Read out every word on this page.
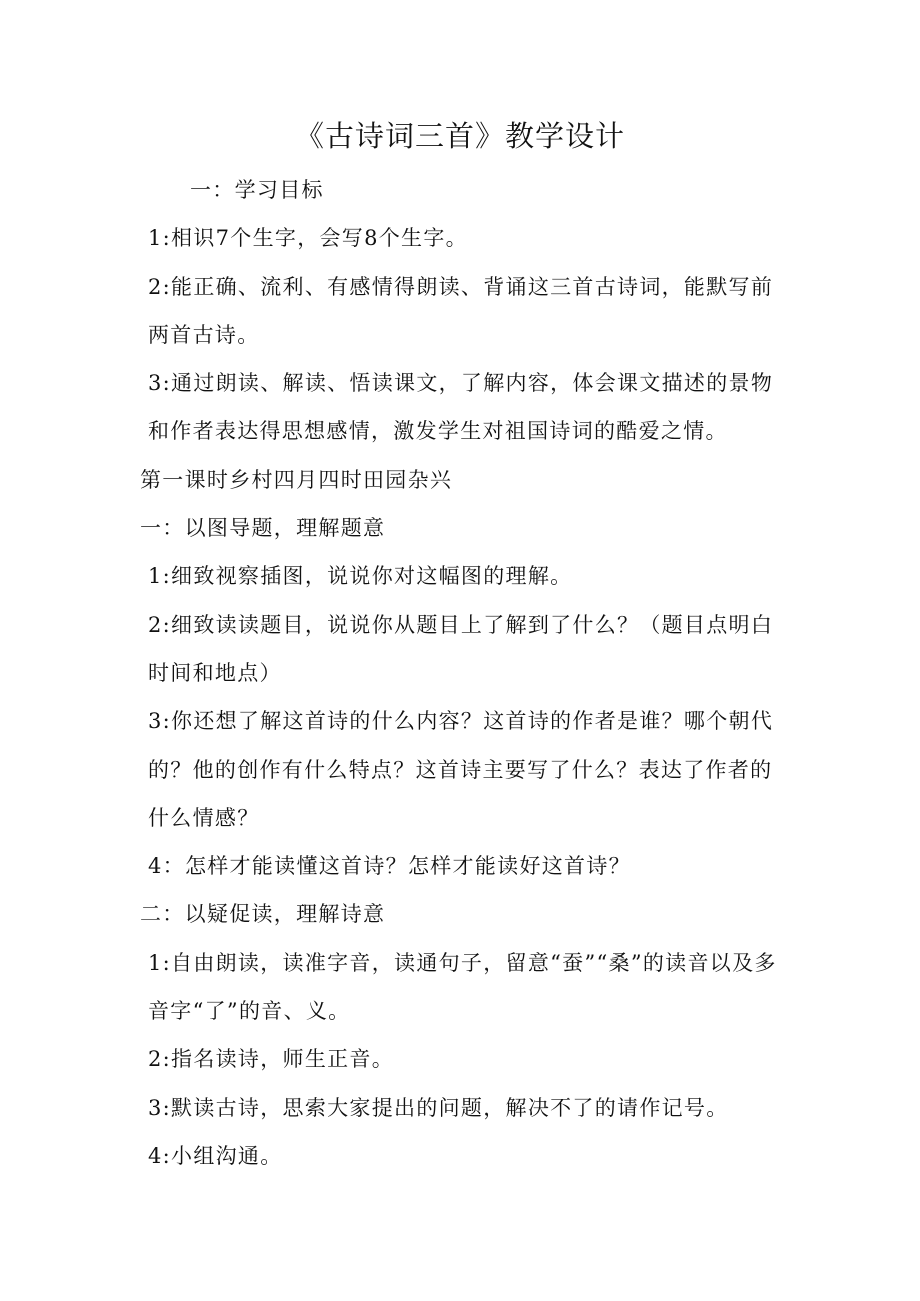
《古诗词三首》教学设计

一：学习目标

1:相识7个生字，会写8个生字。

2:能正确、流利、有感情得朗读、背诵这三首古诗词，能默写前两首古诗。

3:通过朗读、解读、悟读课文，了解内容，体会课文描述的景物和作者表达得思想感情，激发学生对祖国诗词的酷爱之情。

第一课时乡村四月四时田园杂兴

一：以图导题，理解题意

1:细致视察插图，说说你对这幅图的理解。

2:细致读读题目，说说你从题目上了解到了什么？（题目点明白时间和地点）

3:你还想了解这首诗的什么内容？这首诗的作者是谁？哪个朝代的？他的创作有什么特点？这首诗主要写了什么？表达了作者的什么情感？

4：怎样才能读懂这首诗？怎样才能读好这首诗？

二：以疑促读，理解诗意

1:自由朗读，读准字音，读通句子，留意“蚕”“桑”的读音以及多音字“了”的音、义。

2:指名读诗，师生正音。

3:默读古诗，思索大家提出的问题，解决不了的请作记号。

4:小组沟通。
